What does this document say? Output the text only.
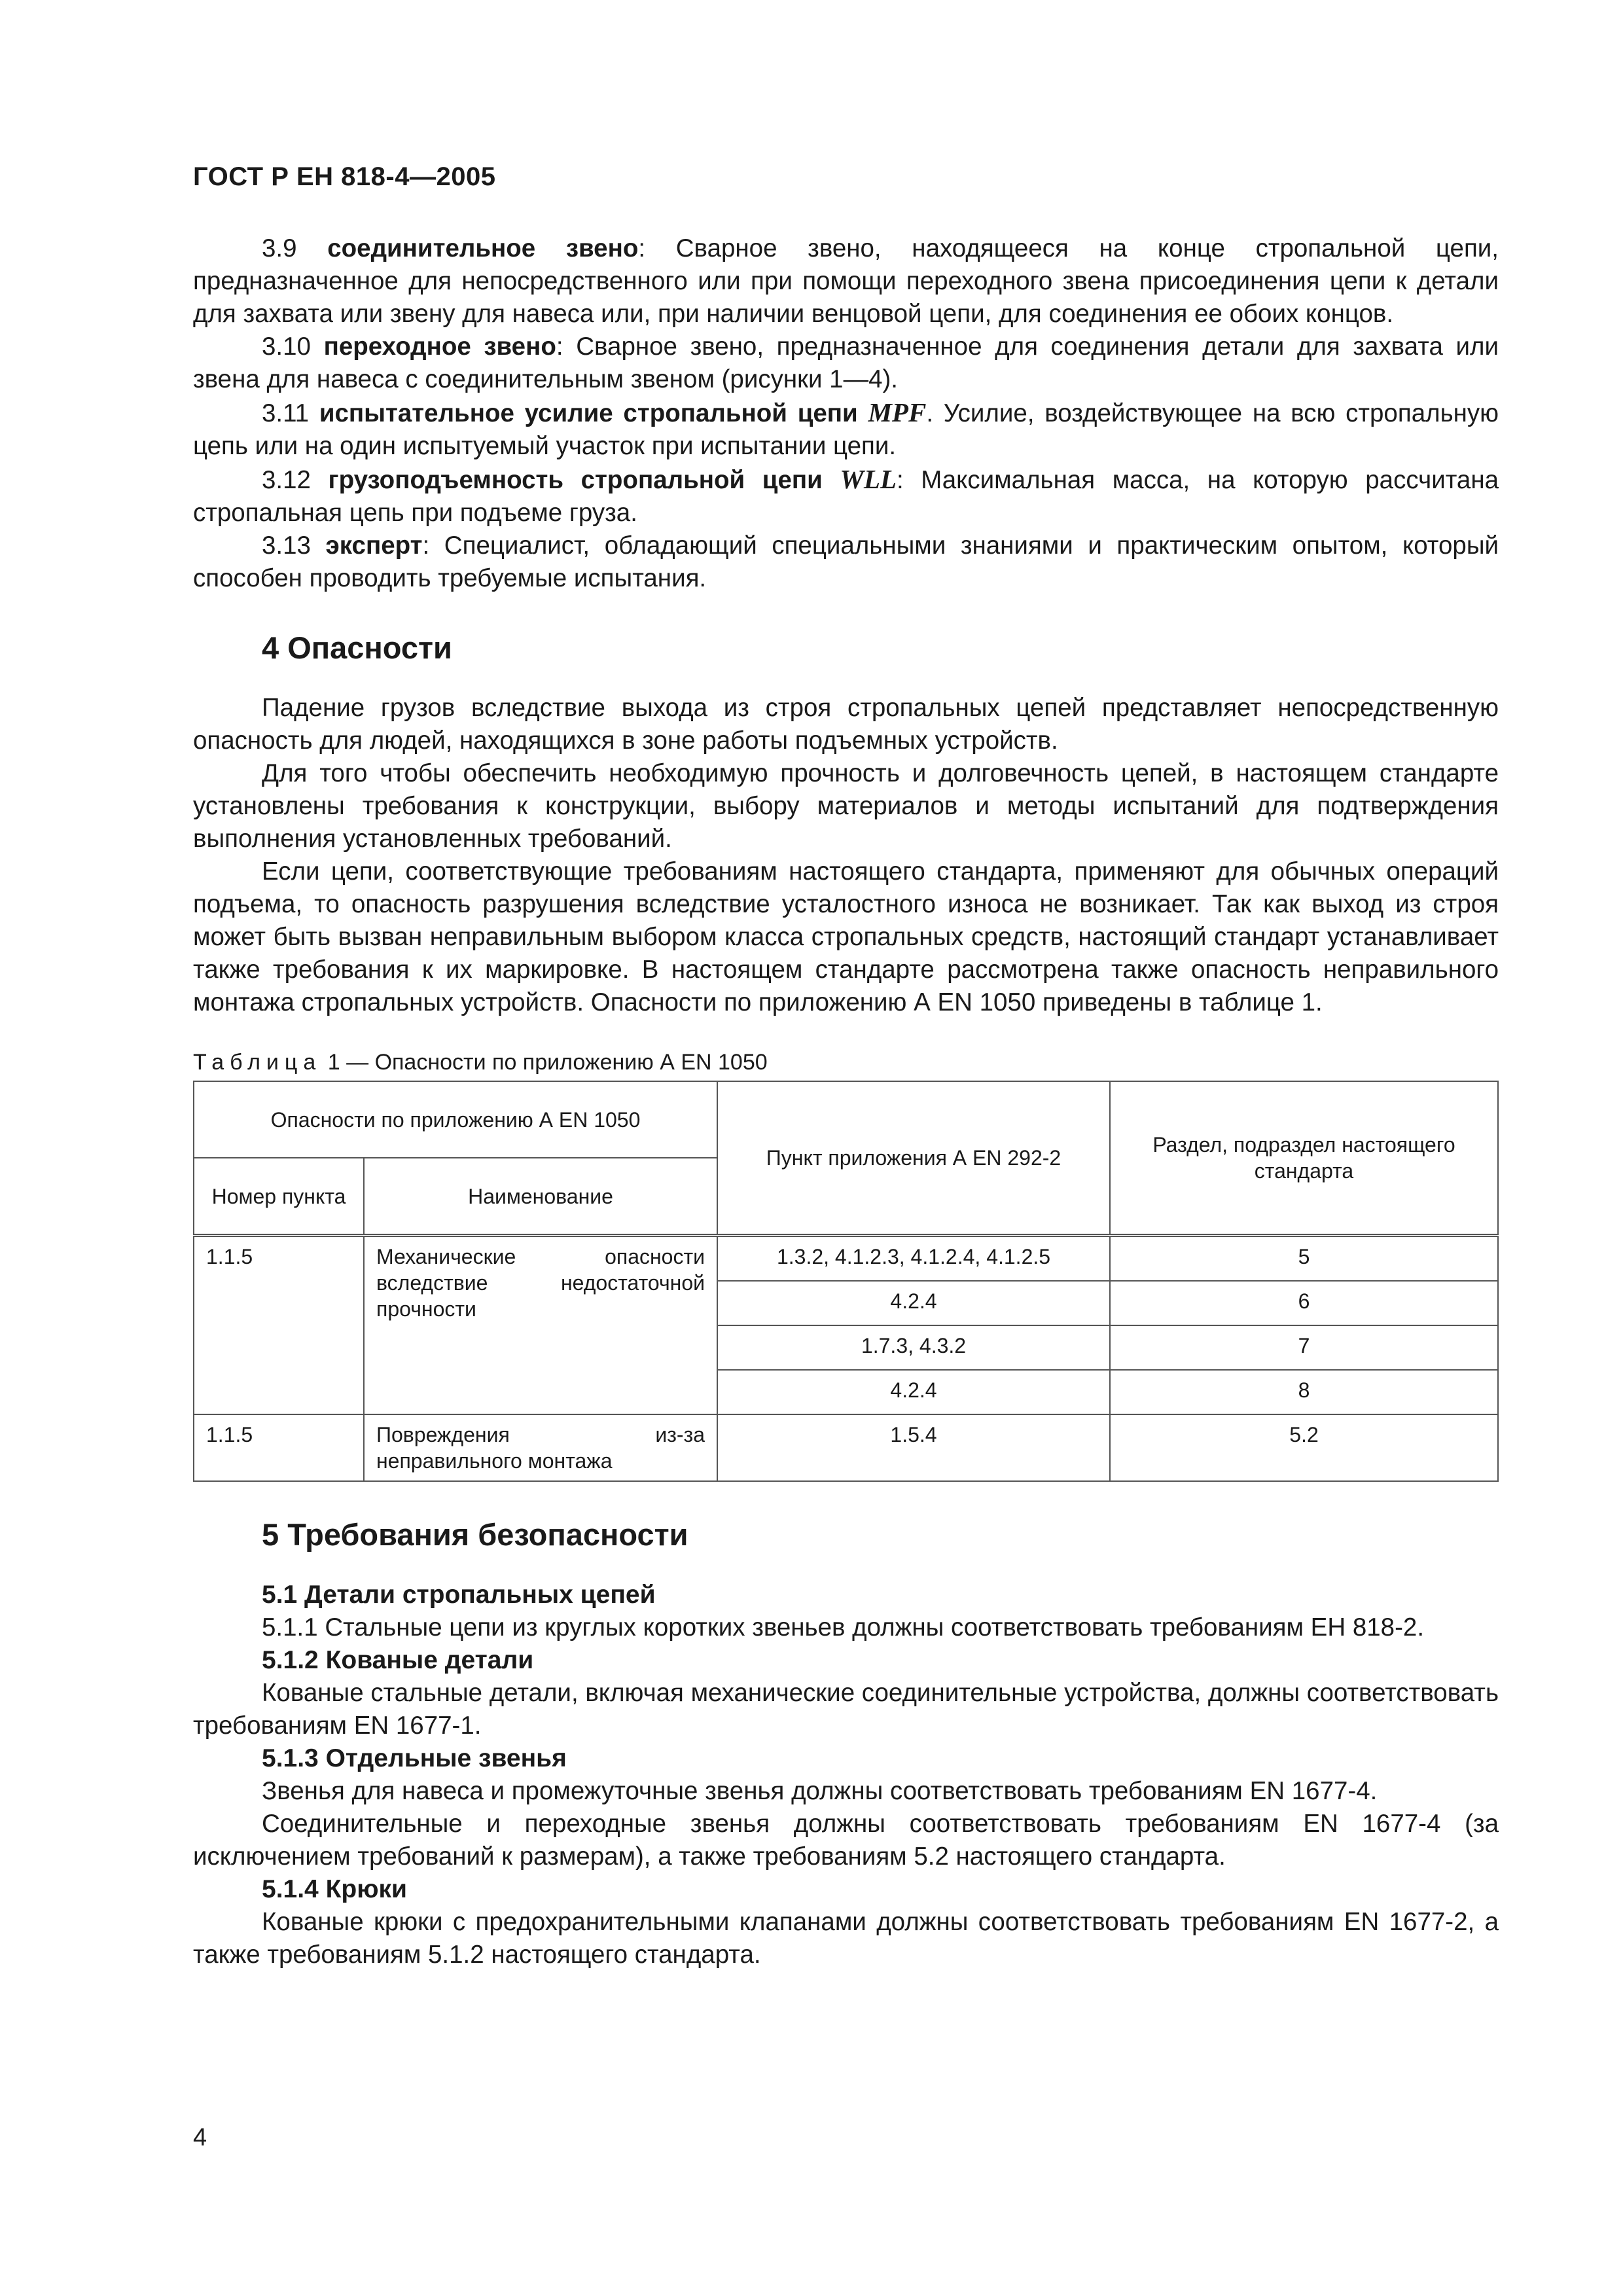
ГОСТ Р ЕН 818-4—2005

3.9 соединительное звено: Сварное звено, находящееся на конце стропальной цепи, предназначенное для непосредственного или при помощи переходного звена присоединения цепи к детали для захвата или звену для навеса или, при наличии венцовой цепи, для соединения ее обоих концов.

3.10 переходное звено: Сварное звено, предназначенное для соединения детали для захвата или звена для навеса с соединительным звеном (рисунки 1—4).

3.11 испытательное усилие стропальной цепи MPF. Усилие, воздействующее на всю стропальную цепь или на один испытуемый участок при испытании цепи.

3.12 грузоподъемность стропальной цепи WLL: Максимальная масса, на которую рассчитана стропальная цепь при подъеме груза.

3.13 эксперт: Специалист, обладающий специальными знаниями и практическим опытом, который способен проводить требуемые испытания.

4 Опасности

Падение грузов вследствие выхода из строя стропальных цепей представляет непосредственную опасность для людей, находящихся в зоне работы подъемных устройств.

Для того чтобы обеспечить необходимую прочность и долговечность цепей, в настоящем стандарте установлены требования к конструкции, выбору материалов и методы испытаний для подтверждения выполнения установленных требований.

Если цепи, соответствующие требованиям настоящего стандарта, применяют для обычных операций подъема, то опасность разрушения вследствие усталостного износа не возникает. Так как выход из строя может быть вызван неправильным выбором класса стропальных средств, настоящий стандарт устанавливает также требования к их маркировке. В настоящем стандарте рассмотрена также опасность неправильного монтажа стропальных устройств. Опасности по приложению А EN 1050 приведены в таблице 1.

Таблица 1 — Опасности по приложению А EN 1050
Опасности по приложению А EN 1050		Пункт приложения А EN 292-2	Раздел, подраздел настоящего стандарта
Номер пункта	Наименование		
1.1.5	Механические опасности вследствие недостаточной прочности	1.3.2, 4.1.2.3, 4.1.2.4, 4.1.2.5	5
		4.2.4	6
		1.7.3, 4.3.2	7
		4.2.4	8
1.1.5	Повреждения из-за неправильного монтажа	1.5.4	5.2
5 Требования безопасности
5.1 Детали стропальных цепей

5.1.1 Стальные цепи из круглых коротких звеньев должны соответствовать требованиям ЕН 818-2.

5.1.2 Кованые детали

Кованые стальные детали, включая механические соединительные устройства, должны соответствовать требованиям EN 1677-1.

5.1.3 Отдельные звенья

Звенья для навеса и промежуточные звенья должны соответствовать требованиям EN 1677-4.

Соединительные и переходные звенья должны соответствовать требованиям EN 1677-4 (за исключением требований к размерам), а также требованиям 5.2 настоящего стандарта.

5.1.4 Крюки

Кованые крюки с предохранительными клапанами должны соответствовать требованиям EN 1677-2, а также требованиям 5.1.2 настоящего стандарта.

4
